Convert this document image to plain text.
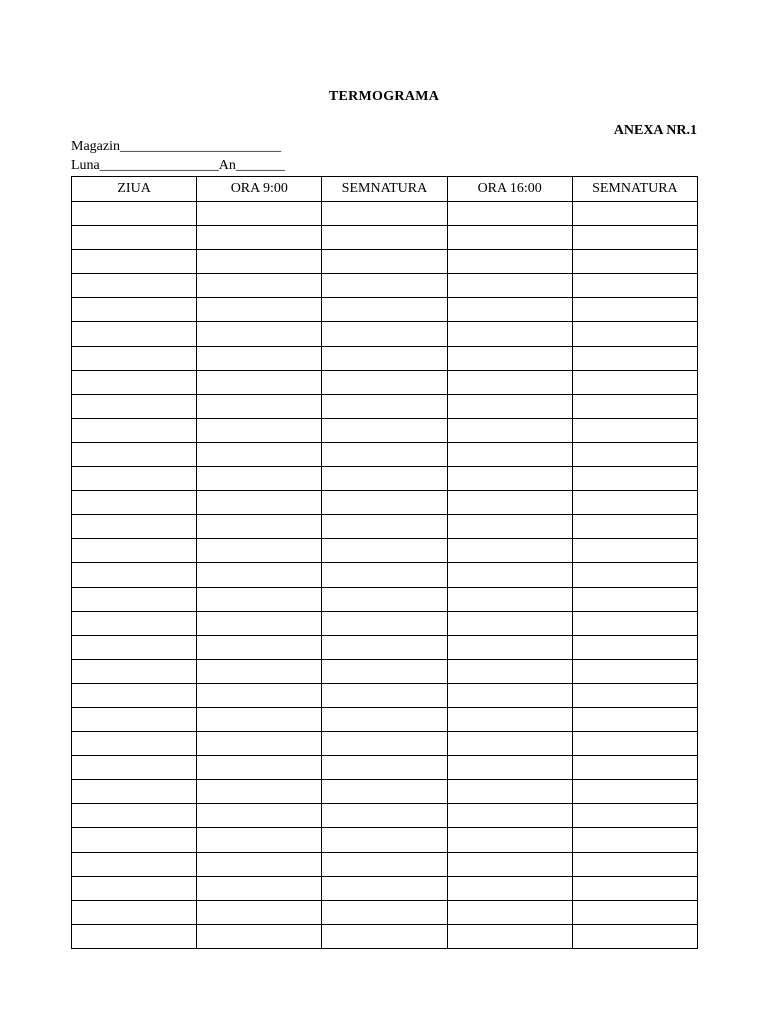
TERMOGRAMA
ANEXA NR.1
Magazin_______________________
Luna_________________An_______
ZIUA	ORA 9:00	SEMNATURA	ORA 16:00	SEMNATURA
